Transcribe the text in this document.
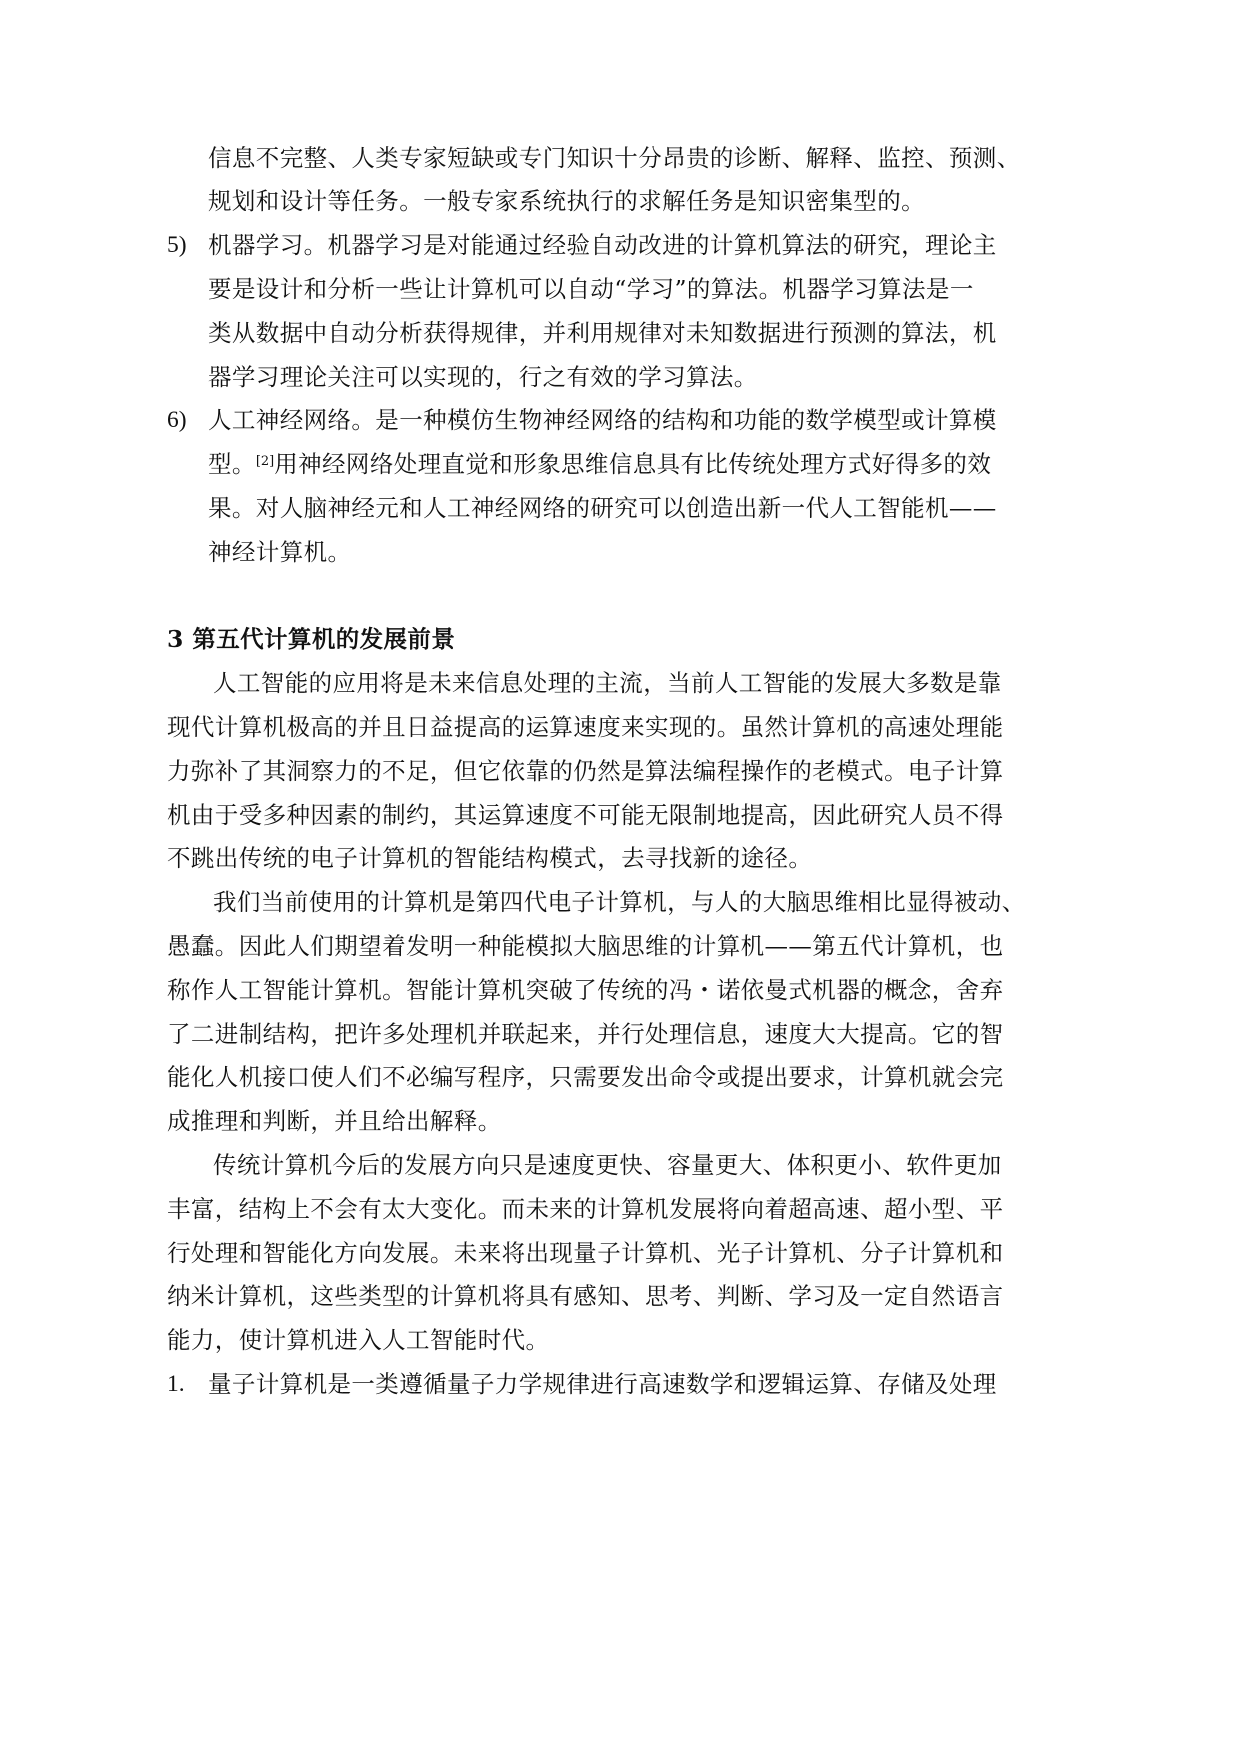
信息不完整、人类专家短缺或专门知识十分昂贵的诊断、解释、监控、预测、
规划和设计等任务。一般专家系统执行的求解任务是知识密集型的。
5) 机器学习。机器学习是对能通过经验自动改进的计算机算法的研究，理论主
要是设计和分析一些让计算机可以自动“学习”的算法。机器学习算法是一
类从数据中自动分析获得规律，并利用规律对未知数据进行预测的算法，机
器学习理论关注可以实现的，行之有效的学习算法。
6) 人工神经网络。是一种模仿生物神经网络的结构和功能的数学模型或计算模
型。[2]用神经网络处理直觉和形象思维信息具有比传统处理方式好得多的效
果。对人脑神经元和人工神经网络的研究可以创造出新一代人工智能机——
神经计算机。
3 第五代计算机的发展前景
人工智能的应用将是未来信息处理的主流，当前人工智能的发展大多数是靠
现代计算机极高的并且日益提高的运算速度来实现的。虽然计算机的高速处理能
力弥补了其洞察力的不足，但它依靠的仍然是算法编程操作的老模式。电子计算
机由于受多种因素的制约，其运算速度不可能无限制地提高，因此研究人员不得
不跳出传统的电子计算机的智能结构模式，去寻找新的途径。
我们当前使用的计算机是第四代电子计算机，与人的大脑思维相比显得被动、
愚蠢。因此人们期望着发明一种能模拟大脑思维的计算机——第五代计算机，也
称作人工智能计算机。智能计算机突破了传统的冯・诺依曼式机器的概念，舍弃
了二进制结构，把许多处理机并联起来，并行处理信息，速度大大提高。它的智
能化人机接口使人们不必编写程序，只需要发出命令或提出要求，计算机就会完
成推理和判断，并且给出解释。
传统计算机今后的发展方向只是速度更快、容量更大、体积更小、软件更加
丰富，结构上不会有太大变化。而未来的计算机发展将向着超高速、超小型、平
行处理和智能化方向发展。未来将出现量子计算机、光子计算机、分子计算机和
纳米计算机，这些类型的计算机将具有感知、思考、判断、学习及一定自然语言
能力，使计算机进入人工智能时代。
1. 量子计算机是一类遵循量子力学规律进行高速数学和逻辑运算、存储及处理
